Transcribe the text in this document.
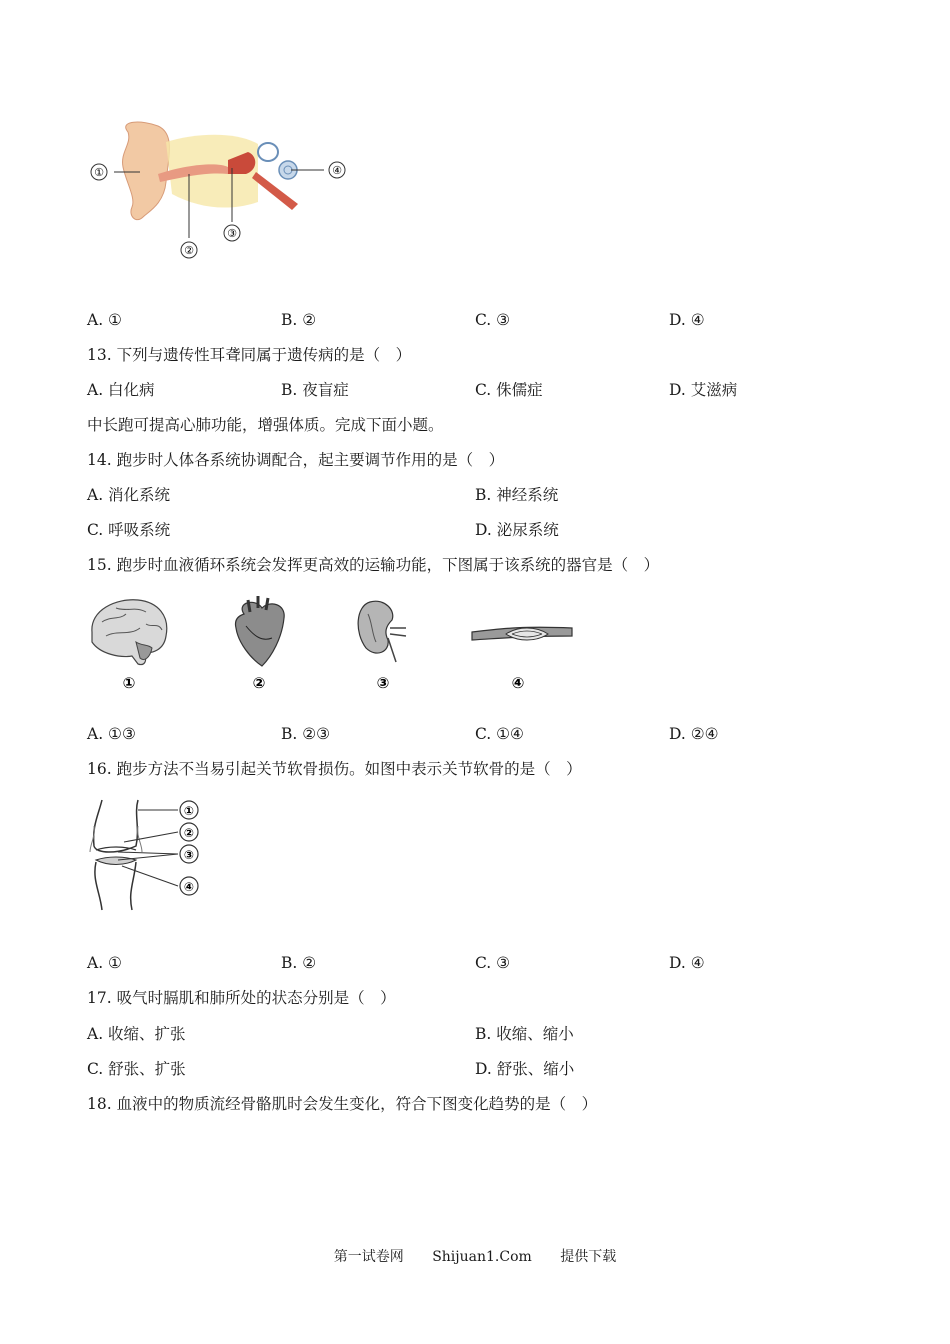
①
②
③
④
A. ①	B. ②	C. ③	D. ④
13. 下列与遗传性耳聋同属于遗传病的是（　）
A. 白化病	B. 夜盲症	C. 侏儒症	D. 艾滋病
中长跑可提高心肺功能，增强体质。完成下面小题。
14. 跑步时人体各系统协调配合，起主要调节作用的是（　）
A. 消化系统	B. 神经系统
C. 呼吸系统	D. 泌尿系统
15. 跑步时血液循环系统会发挥更高效的运输功能，下图属于该系统的器官是（　）
①	②	③	④
A. ①③	B. ②③	C. ①④	D. ②④
16. 跑步方法不当易引起关节软骨损伤。如图中表示关节软骨的是（　）
①
②
③
④
A. ①	B. ②	C. ③	D. ④
17. 吸气时膈肌和肺所处的状态分别是（　）
A. 收缩、扩张	B. 收缩、缩小
C. 舒张、扩张	D. 舒张、缩小
18. 血液中的物质流经骨骼肌时会发生变化，符合下图变化趋势的是（　）
第一试卷网 Shijuan1.Com 提供下载
